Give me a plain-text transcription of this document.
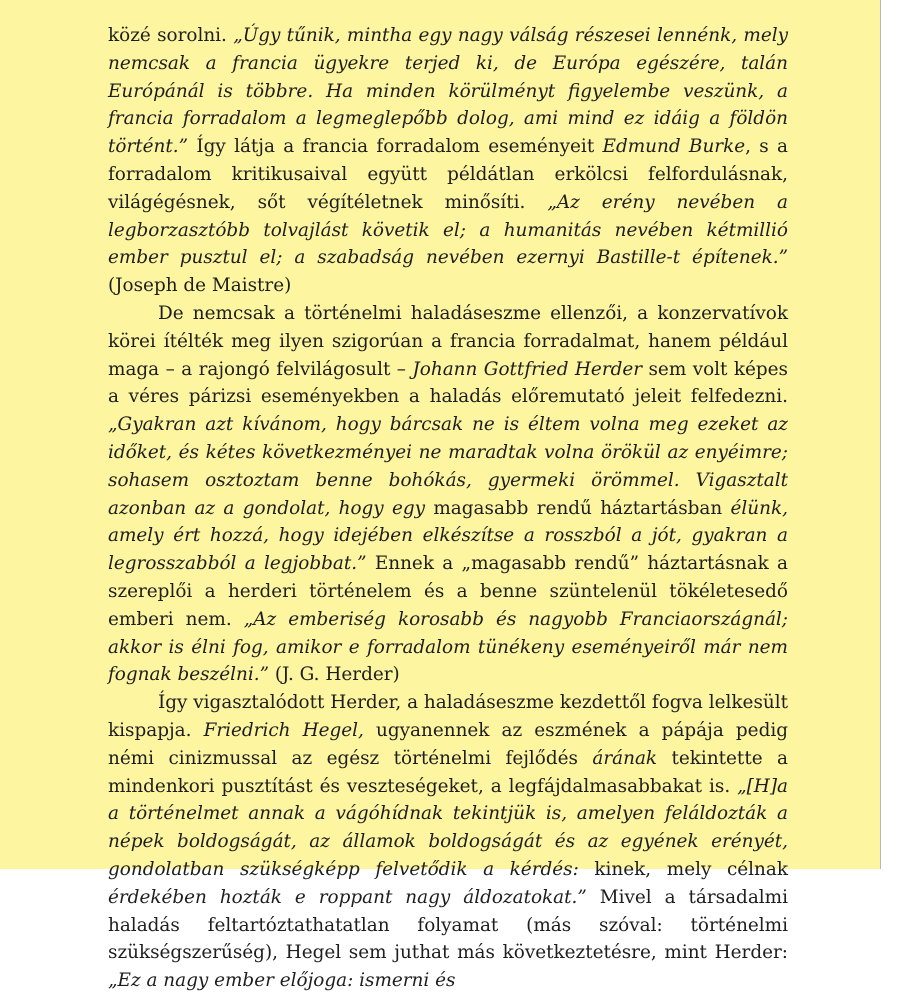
közé sorolni. „Úgy tűnik, mintha egy nagy válság részesei lennénk, mely nemcsak a francia ügyekre terjed ki, de Európa egészére, talán Európánál is többre. Ha minden körülményt figyelembe veszünk, a francia forradalom a legmeglepőbb dolog, ami mind ez idáig a földön történt.” Így látja a francia forradalom eseményeit Edmund Burke, s a forradalom kritikusaival együtt példátlan erkölcsi felfordulásnak, világégésnek, sőt végítéletnek minősíti. „Az erény nevében a legborzasztóbb tolvajlást követik el; a humanitás nevében kétmillió ember pusztul el; a szabadság nevében ezernyi Bastille-t építenek.” (Joseph de Maistre)

De nemcsak a történelmi haladáseszme ellenzői, a konzervatívok körei ítélték meg ilyen szigorúan a francia forradalmat, hanem például maga – a rajongó felvilágosult – Johann Gottfried Herder sem volt képes a véres párizsi eseményekben a haladás előremutató jeleit felfedezni. „Gyakran azt kívánom, hogy bárcsak ne is éltem volna meg ezeket az időket, és kétes következményei ne maradtak volna örökül az enyéimre; sohasem osztoztam benne bohókás, gyermeki örömmel. Vigasztalt azonban az a gondolat, hogy egy magasabb rendű háztartásban élünk, amely ért hozzá, hogy idejében elkészítse a rosszból a jót, gyakran a legrosszabból a legjobbat.” Ennek a „magasabb rendű” háztartásnak a szereplői a herderi történelem és a benne szüntelenül tökéletesedő emberi nem. „Az emberiség korosabb és nagyobb Franciaországnál; akkor is élni fog, amikor e forradalom tünékeny eseményeiről már nem fognak beszélni.” (J. G. Herder)

Így vigasztalódott Herder, a haladáseszme kezdettől fogva lelkesült kispapja. Friedrich Hegel, ugyanennek az eszmének a pápája pedig némi cinizmussal az egész történelmi fejlődés árának tekintette a mindenkori pusztítást és veszteségeket, a legfájdalmasabbakat is. „[H]a a történelmet annak a vágóhídnak tekintjük is, amelyen feláldozták a népek boldogságát, az államok boldogságát és az egyének erényét, gondolatban szükségképp felvetődik a kérdés: kinek, mely célnak érdekében hozták e roppant nagy áldozatokat.” Mivel a társadalmi haladás feltartóztathatatlan folyamat (más szóval: történelmi szükségszerűség), Hegel sem juthat más következtetésre, mint Herder: „Ez a nagy ember előjoga: ismerni és
